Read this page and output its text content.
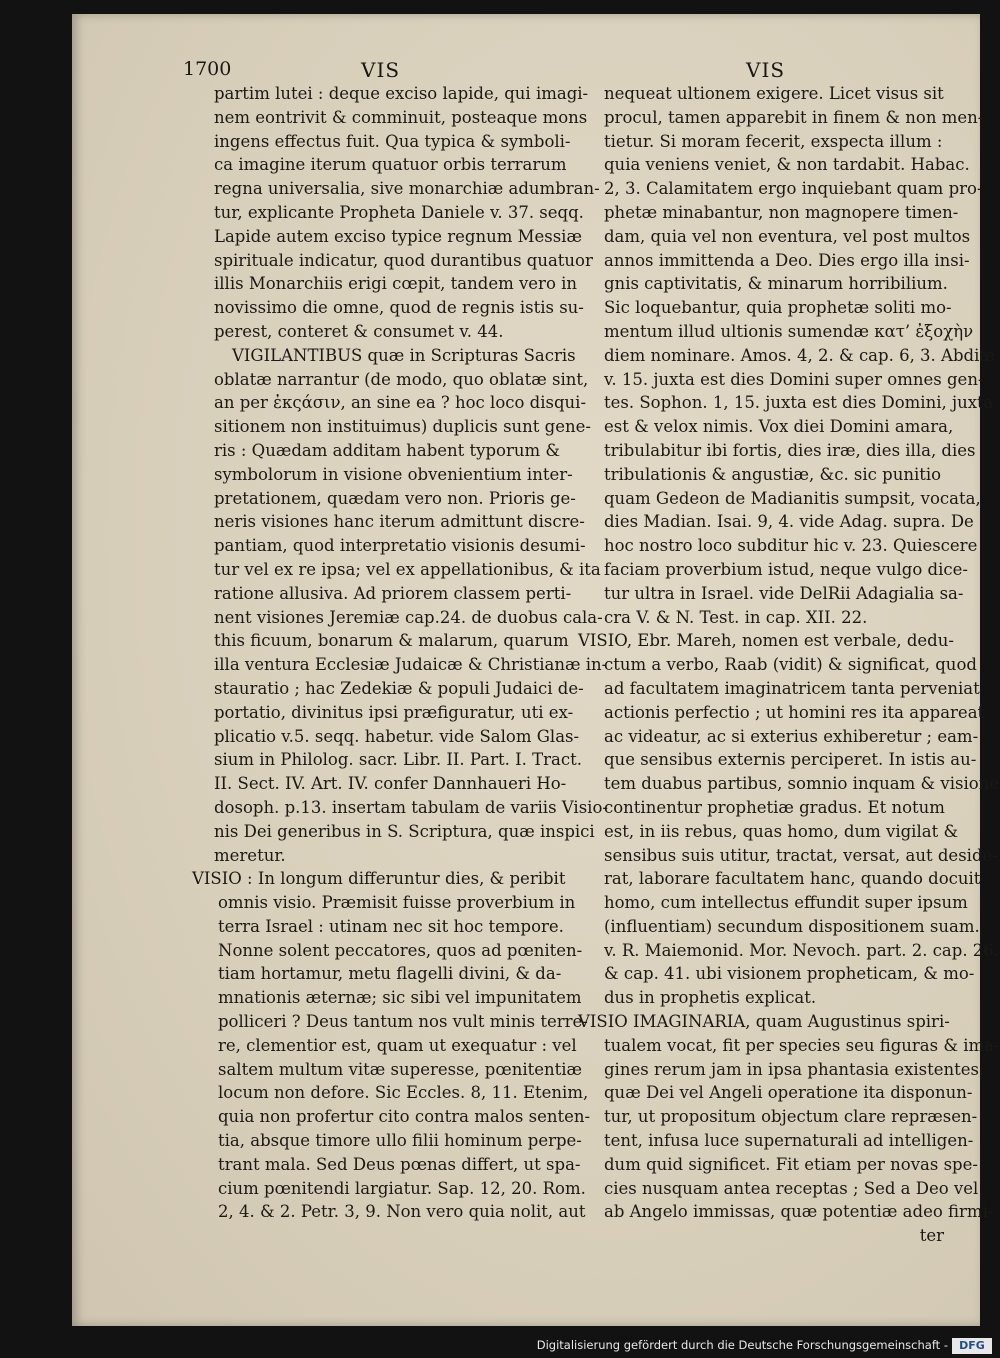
1700	VIS	VIS
partim lutei : deque exciso lapide, qui imagi-
nem eontrivit & comminuit, posteaque mons
ingens effectus fuit. Qua typica & symboli-
ca imagine iterum quatuor orbis terrarum
regna universalia, sive monarchiæ adumbran-
tur, explicante Propheta Daniele v. 37. seqq.
Lapide autem exciso typice regnum Messiæ
spirituale indicatur, quod durantibus quatuor
illis Monarchiis erigi cœpit, tandem vero in
novissimo die omne, quod de regnis istis su-
perest, conteret & consumet v. 44.
VIGILANTIBUS quæ in Scripturas Sacris
oblatæ narrantur (de modo, quo oblatæ sint,
an per ἐκςάσιν, an sine ea ? hoc loco disqui-
sitionem non instituimus) duplicis sunt gene-
ris : Quædam additam habent typorum &
symbolorum in visione obvenientium inter-
pretationem, quædam vero non. Prioris ge-
neris visiones hanc iterum admittunt discre-
pantiam, quod interpretatio visionis desumi-
tur vel ex re ipsa; vel ex appellationibus, & ita
ratione allusiva. Ad priorem classem perti-
nent visiones Jeremiæ cap.24. de duobus cala-
this ficuum, bonarum & malarum, quarum
illa ventura Ecclesiæ Judaicæ & Christianæ in-
stauratio ; hac Zedekiæ & populi Judaici de-
portatio, divinitus ipsi præfiguratur, uti ex-
plicatio v.5. seqq. habetur. vide Salom Glas-
sium in Philolog. sacr. Libr. II. Part. I. Tract.
II. Sect. IV. Art. IV. confer Dannhaueri Ho-
dosoph. p.13. insertam tabulam de variis Visio-
nis Dei generibus in S. Scriptura, quæ inspici
meretur.
VISIO : In longum differuntur dies, & peribit
omnis visio. Præmisit fuisse proverbium in
terra Israel : utinam nec sit hoc tempore.
Nonne solent peccatores, quos ad pœniten-
tiam hortamur, metu flagelli divini, & da-
mnationis æternæ; sic sibi vel impunitatem
polliceri ? Deus tantum nos vult minis terre-
re, clementior est, quam ut exequatur : vel
saltem multum vitæ superesse, pœnitentiæ
locum non defore. Sic Eccles. 8, 11. Etenim,
quia non profertur cito contra malos senten-
tia, absque timore ullo filii hominum perpe-
trant mala. Sed Deus pœnas differt, ut spa-
cium pœnitendi largiatur. Sap. 12, 20. Rom.
2, 4. & 2. Petr. 3, 9. Non vero quia nolit, aut
nequeat ultionem exigere. Licet visus sit
procul, tamen apparebit in finem & non men-
tietur. Si moram fecerit, exspecta illum :
quia veniens veniet, & non tardabit. Habac.
2, 3. Calamitatem ergo inquiebant quam pro-
phetæ minabantur, non magnopere timen-
dam, quia vel non eventura, vel post multos
annos immittenda a Deo. Dies ergo illa insi-
gnis captivitatis, & minarum horribilium.
Sic loquebantur, quia prophetæ soliti mo-
mentum illud ultionis sumendæ κατ’ ἐξοχὴν
diem nominare. Amos. 4, 2. & cap. 6, 3. Abdiæ
v. 15. juxta est dies Domini super omnes gen-
tes. Sophon. 1, 15. juxta est dies Domini, juxta
est & velox nimis. Vox diei Domini amara,
tribulabitur ibi fortis, dies iræ, dies illa, dies
tribulationis & angustiæ, &c. sic punitio
quam Gedeon de Madianitis sumpsit, vocata,
dies Madian. Isai. 9, 4. vide Adag. supra. De
hoc nostro loco subditur hic v. 23. Quiescere
faciam proverbium istud, neque vulgo dice-
tur ultra in Israel. vide DelRii Adagialia sa-
cra V. & N. Test. in cap. XII. 22.
VISIO, Ebr. Mareh, nomen est verbale, dedu-
ctum a verbo, Raab (vidit) & significat, quod
ad facultatem imaginatricem tanta perveniat
actionis perfectio ; ut homini res ita appareat
ac videatur, ac si exterius exhiberetur ; eam-
que sensibus externis perciperet. In istis au-
tem duabus partibus, somnio inquam & visione
continentur prophetiæ gradus. Et notum
est, in iis rebus, quas homo, dum vigilat &
sensibus suis utitur, tractat, versat, aut deside-
rat, laborare facultatem hanc, quando docuit
homo, cum intellectus effundit super ipsum
(influentiam) secundum dispositionem suam.
v. R. Maiemonid. Mor. Nevoch. part. 2. cap. 26.
& cap. 41. ubi visionem propheticam, & mo-
dus in prophetis explicat.
VISIO IMAGINARIA, quam Augustinus spiri-
tualem vocat, fit per species seu figuras & ima-
gines rerum jam in ipsa phantasia existentes,
quæ Dei vel Angeli operatione ita disponun-
tur, ut propositum objectum clare repræsen-
tent, infusa luce supernaturali ad intelligen-
dum quid significet. Fit etiam per novas spe-
cies nusquam antea receptas ; Sed a Deo vel
ab Angelo immissas, quæ potentiæ adeo firmi-
ter
Digitalisierung gefördert durch die Deutsche Forschungsgemeinschaft -	DFG
